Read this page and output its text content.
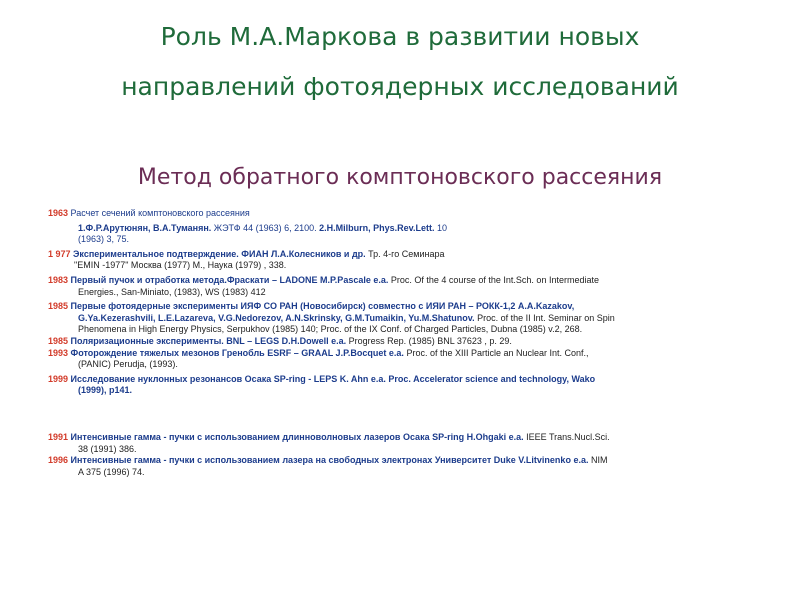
Роль М.А.Маркова в развитии новых
направлений фотоядерных исследований
Метод обратного комптоновского рассеяния
1963 Расчет сечений комптоновского рассеяния
1.Ф.Р.Арутюнян, В.А.Туманян. ЖЭТФ 44 (1963) 6, 2100. 2.H.Milburn, Phys.Rev.Lett. 10
(1963) 3, 75.
1 977 Экспериментальное подтверждение. ФИАН Л.А.Колесников и др. Тр. 4-го Семинара
"EMIN -1977" Москва (1977) М., Наука (1979) , 338.
1983 Первый пучок и отработка метода.Фраскати – LADONE M.P.Pascale e.a. Proc. Of the 4 course of the Int.Sch. on Intermediate
Energies., San-Miniato, (1983), WS (1983) 412
1985 Первые фотоядерные эксперименты ИЯФ СО РАН (Новосибирск) совместно с ИЯИ РАН – РОКК-1,2 A.A.Kazakov,
G.Ya.Kezerashvili, L.E.Lazareva, V.G.Nedorezov, A.N.Skrinsky, G.M.Tumaikin, Yu.M.Shatunov. Proc. of the II Int. Seminar on Spin
Phenomena in High Energy Physics, Serpukhov (1985) 140; Proc. of the IX Conf. of Charged Particles, Dubna (1985) v.2, 268.
1985 Поляризационные эксперименты. BNL – LEGS D.H.Dowell e.a. Progress Rep. (1985) BNL 37623 , p. 29.
1993 Фоторождение тяжелых мезонов Гренобль ESRF – GRAAL J.P.Bocquet e.a. Proc. of the XIII Particle an Nuclear Int. Conf.,
(PANIC) Perudja, (1993).
1999 Исследование нуклонных резонансов Осака SP-ring - LEPS K. Ahn e.a. Proc. Accelerator science and technology, Wako
(1999), p141.
1991 Интенсивные гамма - пучки с использованием длинноволновых лазеров Осака SP-ring H.Ohgaki e.a. IEEE Trans.Nucl.Sci.
38 (1991) 386.
1996 Интенсивные гамма - пучки с использованием лазера на свободных электронах Университет Duke V.Litvinenko e.a. NIM
A 375 (1996) 74.
